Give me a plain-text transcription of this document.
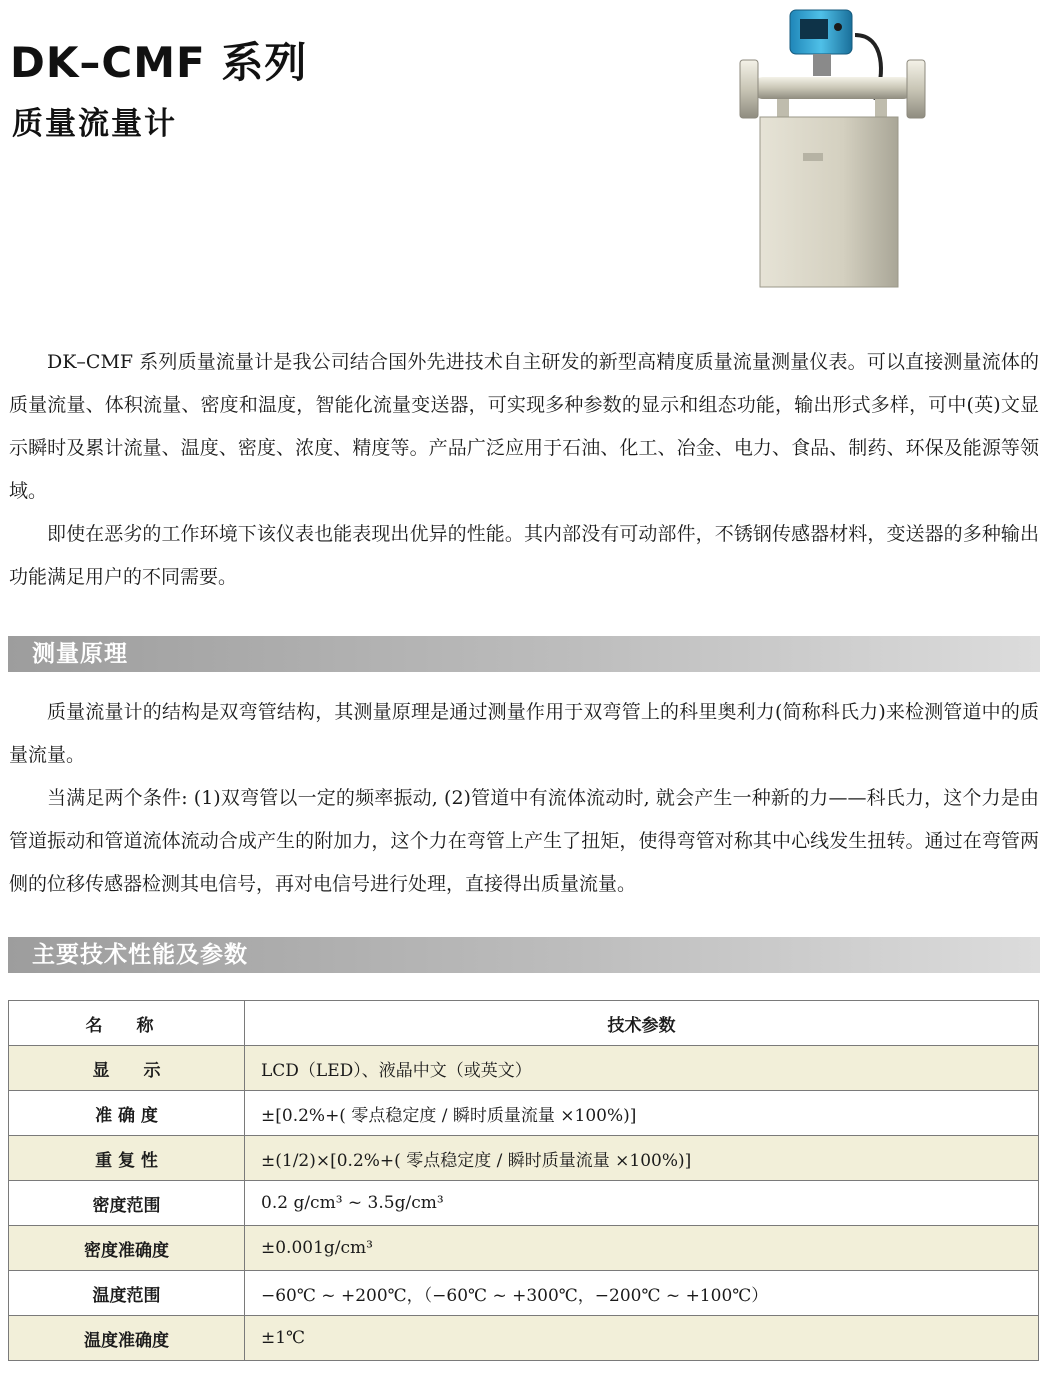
DK–CMF 系列
质量流量计
DK–CMF 系列质量流量计是我公司结合国外先进技术自主研发的新型高精度质量流量测量仪表。可以直接测量流体的质量流量、体积流量、密度和温度，智能化流量变送器，可实现多种参数的显示和组态功能，输出形式多样，可中(英)文显示瞬时及累计流量、温度、密度、浓度、精度等。产品广泛应用于石油、化工、冶金、电力、食品、制药、环保及能源等领域。
即使在恶劣的工作环境下该仪表也能表现出优异的性能。其内部没有可动部件，不锈钢传感器材料，变送器的多种输出功能满足用户的不同需要。
测量原理
质量流量计的结构是双弯管结构，其测量原理是通过测量作用于双弯管上的科里奥利力(简称科氏力)来检测管道中的质量流量。
当满足两个条件: (1)双弯管以一定的频率振动, (2)管道中有流体流动时, 就会产生一种新的力——科氏力，这个力是由管道振动和管道流体流动合成产生的附加力，这个力在弯管上产生了扭矩，使得弯管对称其中心线发生扭转。通过在弯管两侧的位移传感器检测其电信号，再对电信号进行处理，直接得出质量流量。
主要技术性能及参数
名 称	技术参数
显　　示	LCD（LED）、液晶中文（或英文）
准 确 度	±[0.2%+( 零点稳定度 / 瞬时质量流量 ×100%)]
重 复 性	±(1/2)×[0.2%+( 零点稳定度 / 瞬时质量流量 ×100%)]
密度范围	0.2 g/cm³ ~ 3.5g/cm³
密度准确度	±0.001g/cm³
温度范围	−60℃ ~ +200℃，（−60℃ ~ +300℃，−200℃ ~ +100℃）
温度准确度	±1℃
